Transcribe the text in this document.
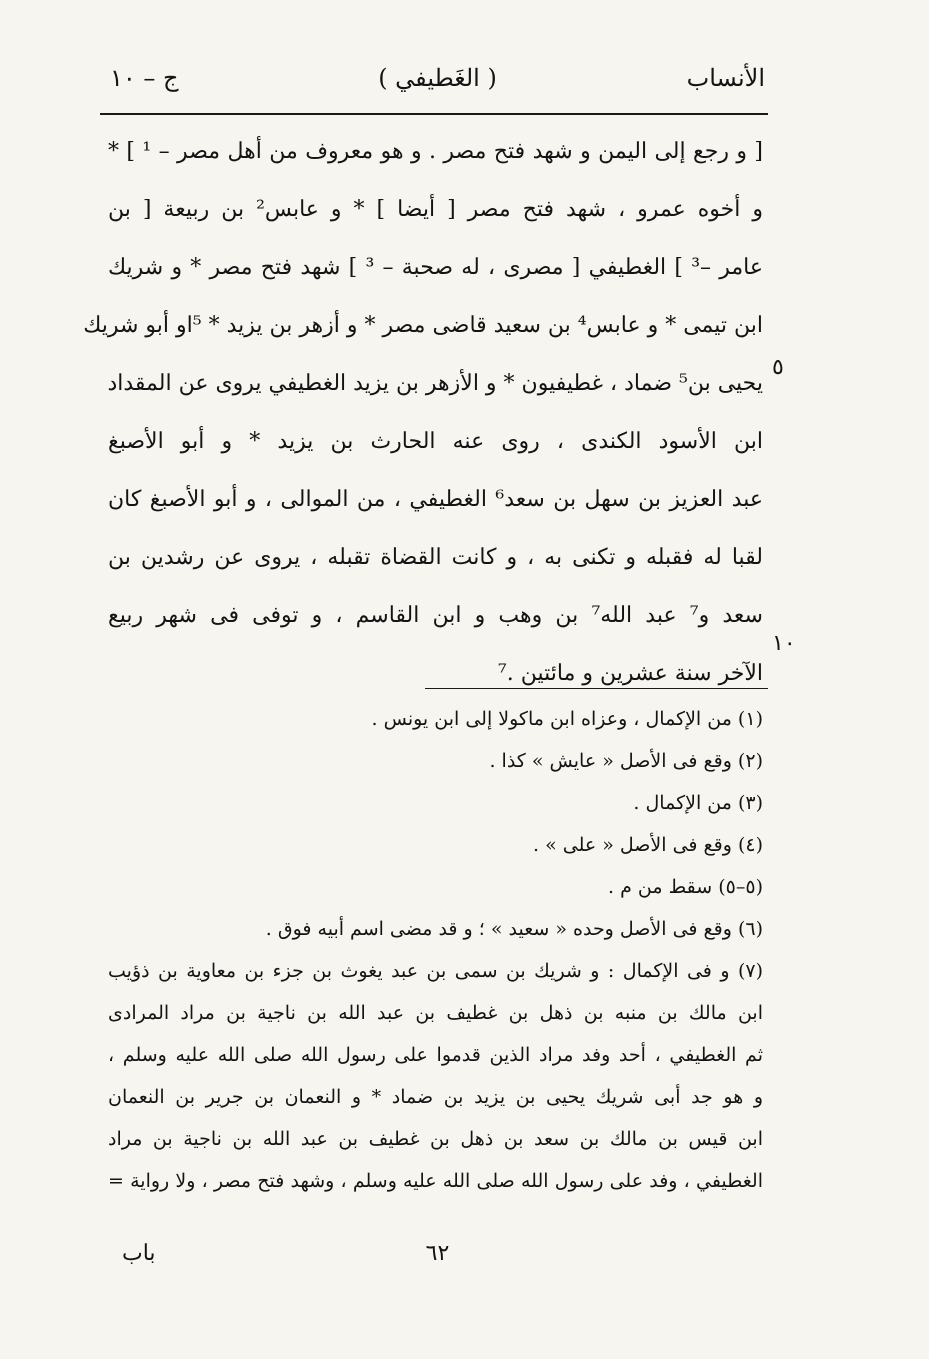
الأنساب
( الغَطيفي )
ج – ١٠
[ و رجع إلى اليمن و شهد فتح مصر . و هو معروف من أهل مصر – ¹ ] *
و أخوه عمرو ، شهد فتح مصر [ أيضا ] * و عابس² بن ربيعة [ بن
عامر –³ ] الغطيفي [ مصرى ، له صحبة – ³ ] شهد فتح مصر * و شريك
ابن تيمى * و عابس⁴ بن سعيد قاضى مصر * و أزهر بن يزيد * ⁵او أبو شريك
يحيى بن⁵ ضماد ، غطيفيون * و الأزهر بن يزيد الغطيفي يروى عن المقداد
ابن الأسود الكندى ، روى عنه الحارث بن يزيد * و أبو الأصبغ
عبد العزيز بن سهل بن سعد⁶ الغطيفي ، من الموالى ، و أبو الأصبغ كان
لقبا له فقبله و تكنى به ، و كانت القضاة تقبله ، يروى عن رشدين بن
سعد و⁷ عبد الله⁷ بن وهب و ابن القاسم ، و توفى فى شهر ربيع
الآخر سنة عشرين و مائتين .⁷
٥
١٠
(١) من الإكمال ، وعزاه ابن ماكولا إلى ابن يونس .
(٢) وقع فى الأصل « عايش » كذا .
(٣) من الإكمال .
(٤) وقع فى الأصل « على » .
(٥–٥) سقط من م .
(٦) وقع فى الأصل وحده « سعيد » ؛ و قد مضى اسم أبيه فوق .
(٧) و فى الإكمال : و شريك بن سمى بن عبد يغوث بن جزء بن معاوية بن ذؤيب
ابن مالك بن منبه بن ذهل بن غطيف بن عبد الله بن ناجية بن مراد المرادى
ثم الغطيفي ، أحد وفد مراد الذين قدموا على رسول الله صلى الله عليه وسلم ،
و هو جد أبى شريك يحيى بن يزيد بن ضماد * و النعمان بن جرير بن النعمان
ابن قيس بن مالك بن سعد بن ذهل بن غطيف بن عبد الله بن ناجية بن مراد
الغطيفي ، وفد على رسول الله صلى الله عليه وسلم ، وشهد فتح مصر ، ولا رواية =
باب	٦٢
